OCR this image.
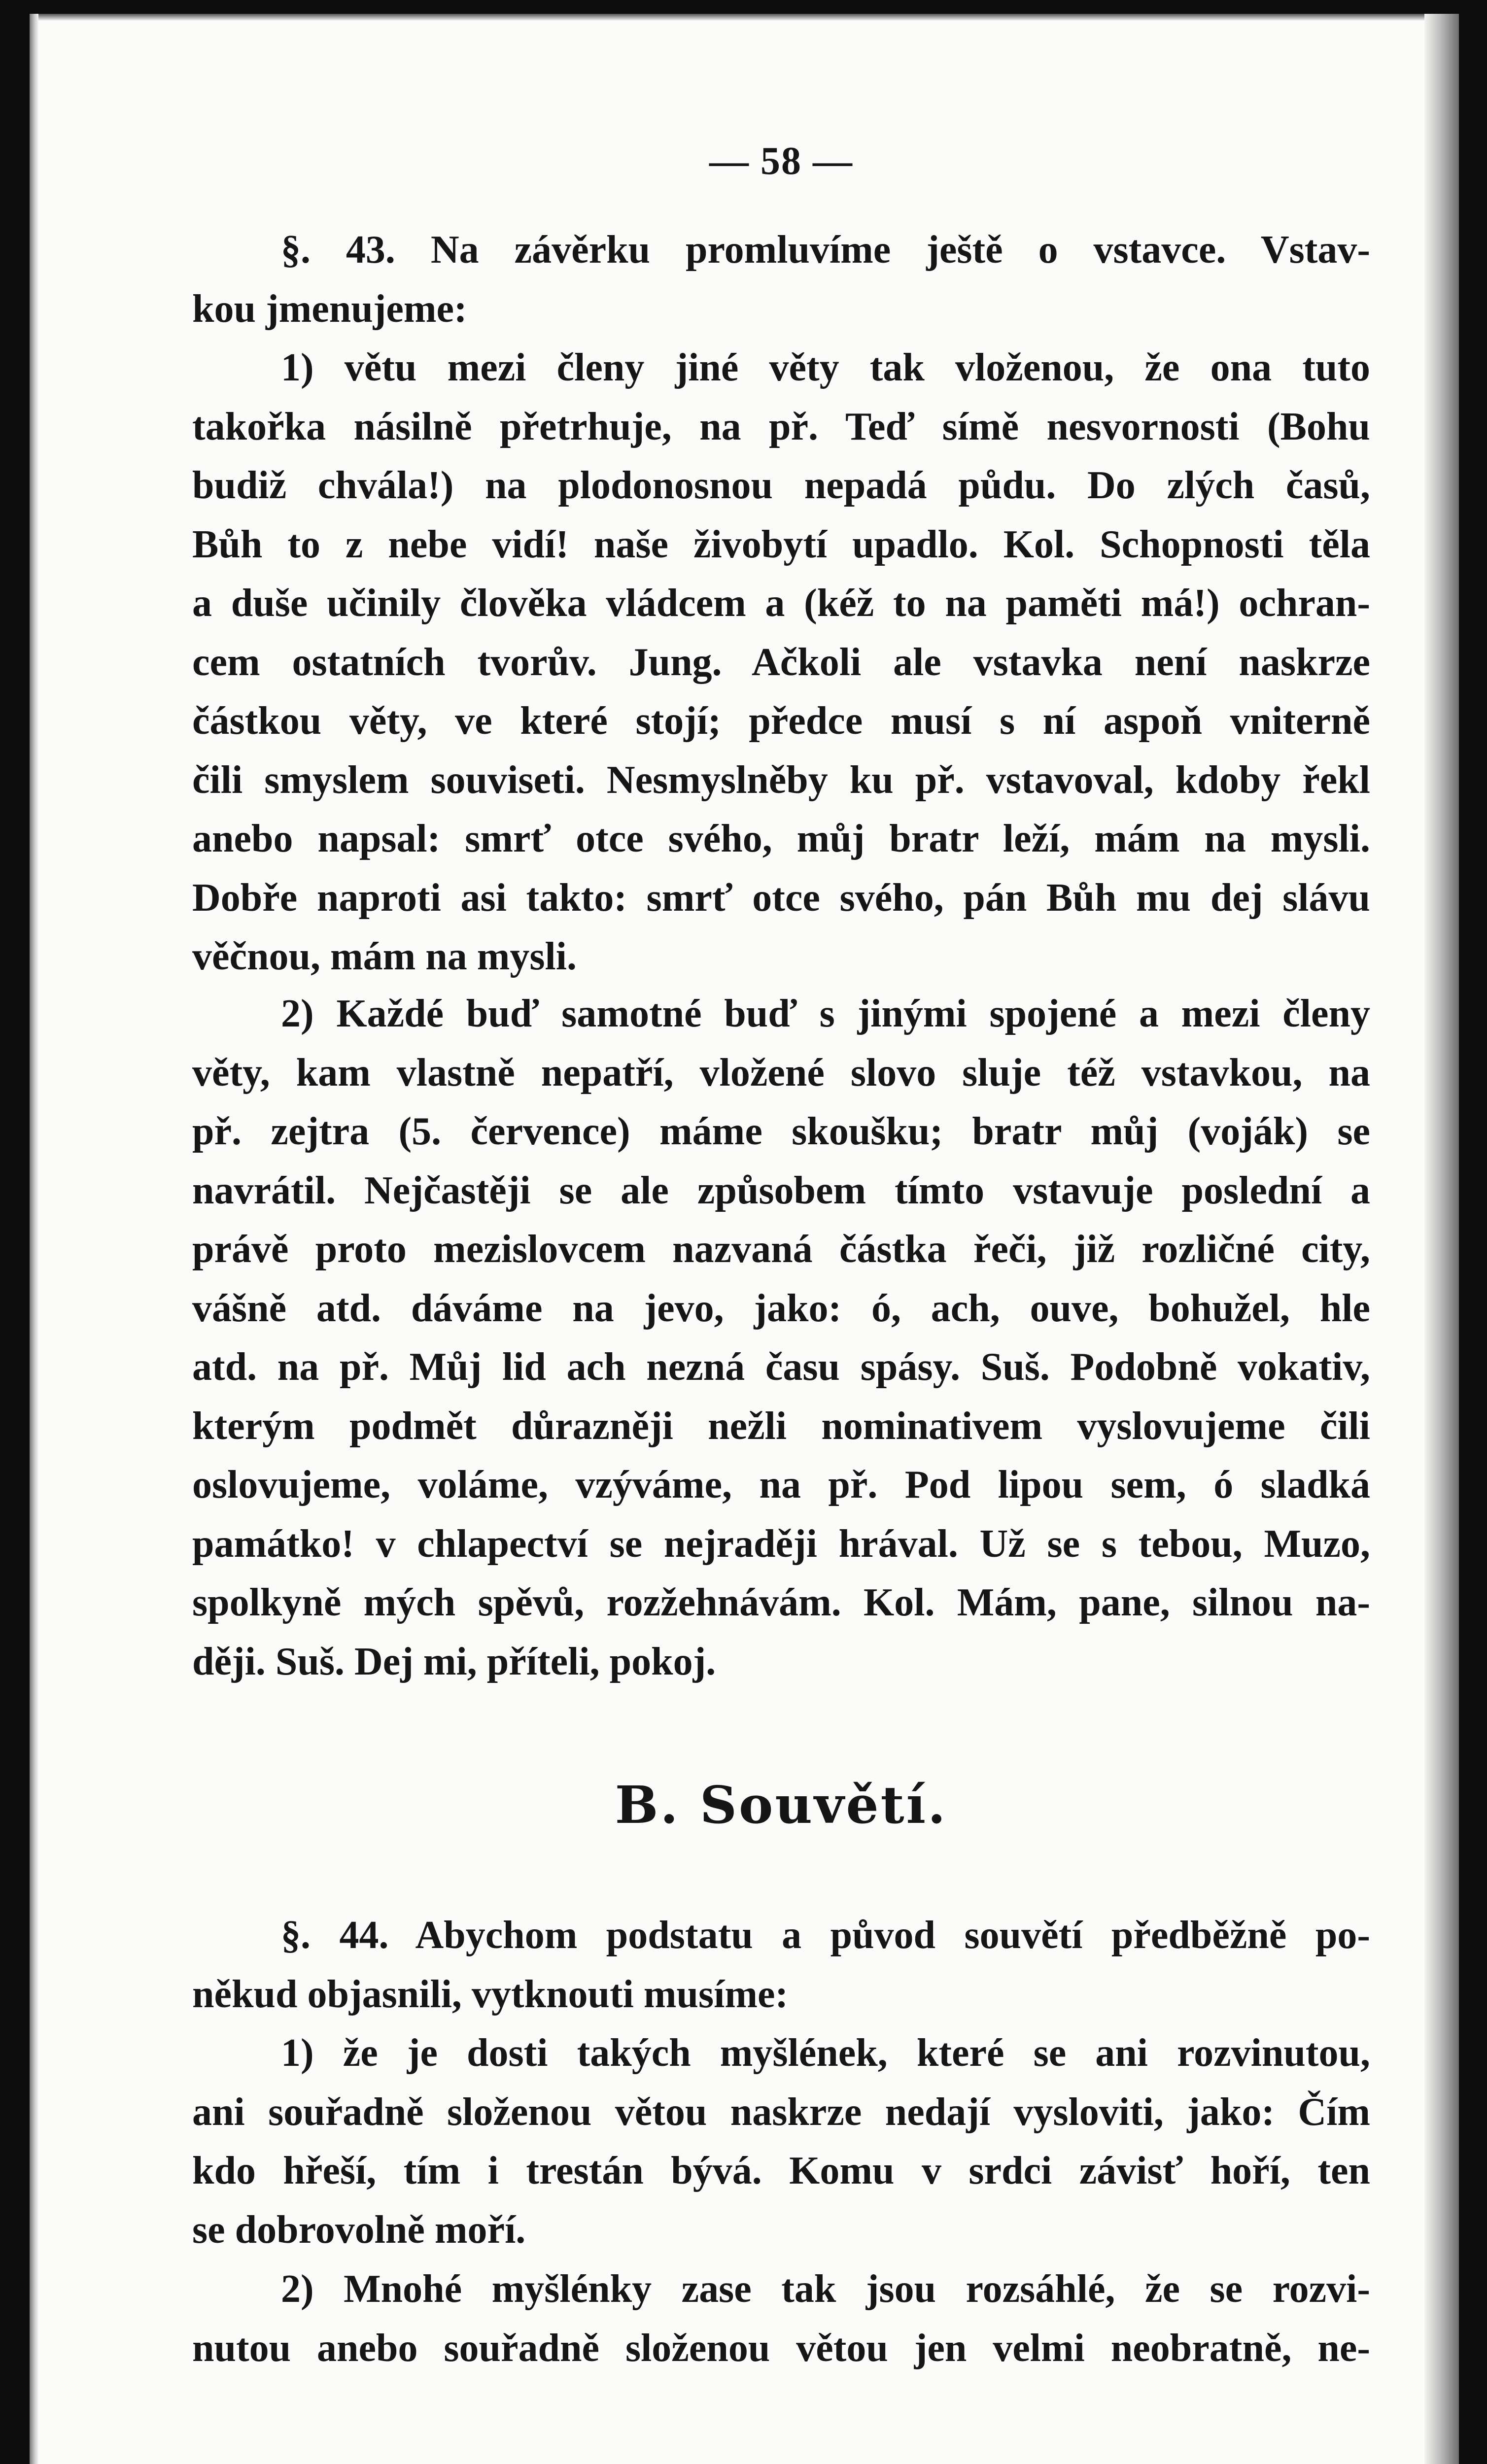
— 58 —
§. 43. Na závěrku promluvíme ještě o vstavce. Vstav-
kou jmenujeme:
1) větu mezi členy jiné věty tak vloženou, že ona tuto
takořka násilně přetrhuje, na př. Teď símě nesvornosti (Bohu
budiž chvála!) na plodonosnou nepadá půdu. Do zlých časů,
Bůh to z nebe vidí! naše živobytí upadlo. Kol. Schopnosti těla
a duše učinily člověka vládcem a (kéž to na paměti má!) ochran-
cem ostatních tvorův. Jung. Ačkoli ale vstavka není naskrze
částkou věty, ve které stojí; předce musí s ní aspoň vniterně
čili smyslem souviseti. Nesmyslněby ku př. vstavoval, kdoby řekl
anebo napsal: smrť otce svého, můj bratr leží, mám na mysli.
Dobře naproti asi takto: smrť otce svého, pán Bůh mu dej slávu
věčnou, mám na mysli.
2) Každé buď samotné buď s jinými spojené a mezi členy
věty, kam vlastně nepatří, vložené slovo sluje též vstavkou, na
př. zejtra (5. července) máme skoušku; bratr můj (voják) se
navrátil. Nejčastěji se ale způsobem tímto vstavuje poslední a
právě proto mezislovcem nazvaná částka řeči, již rozličné city,
vášně atd. dáváme na jevo, jako: ó, ach, ouve, bohužel, hle
atd. na př. Můj lid ach nezná času spásy. Suš. Podobně vokativ,
kterým podmět důrazněji nežli nominativem vyslovujeme čili
oslovujeme, voláme, vzýváme, na př. Pod lipou sem, ó sladká
památko! v chlapectví se nejraději hrával. Už se s tebou, Muzo,
spolkyně mých spěvů, rozžehnávám. Kol. Mám, pane, silnou na-
ději. Suš. Dej mi, příteli, pokoj.
B. Souvětí.
§. 44. Abychom podstatu a původ souvětí předběžně po-
někud objasnili, vytknouti musíme:
1) že je dosti takých myšlének, které se ani rozvinutou,
ani souřadně složenou větou naskrze nedají vysloviti, jako: Čím
kdo hřeší, tím i trestán bývá. Komu v srdci závisť hoří, ten
se dobrovolně moří.
2) Mnohé myšlénky zase tak jsou rozsáhlé, že se rozvi-
nutou anebo souřadně složenou větou jen velmi neobratně, ne-
